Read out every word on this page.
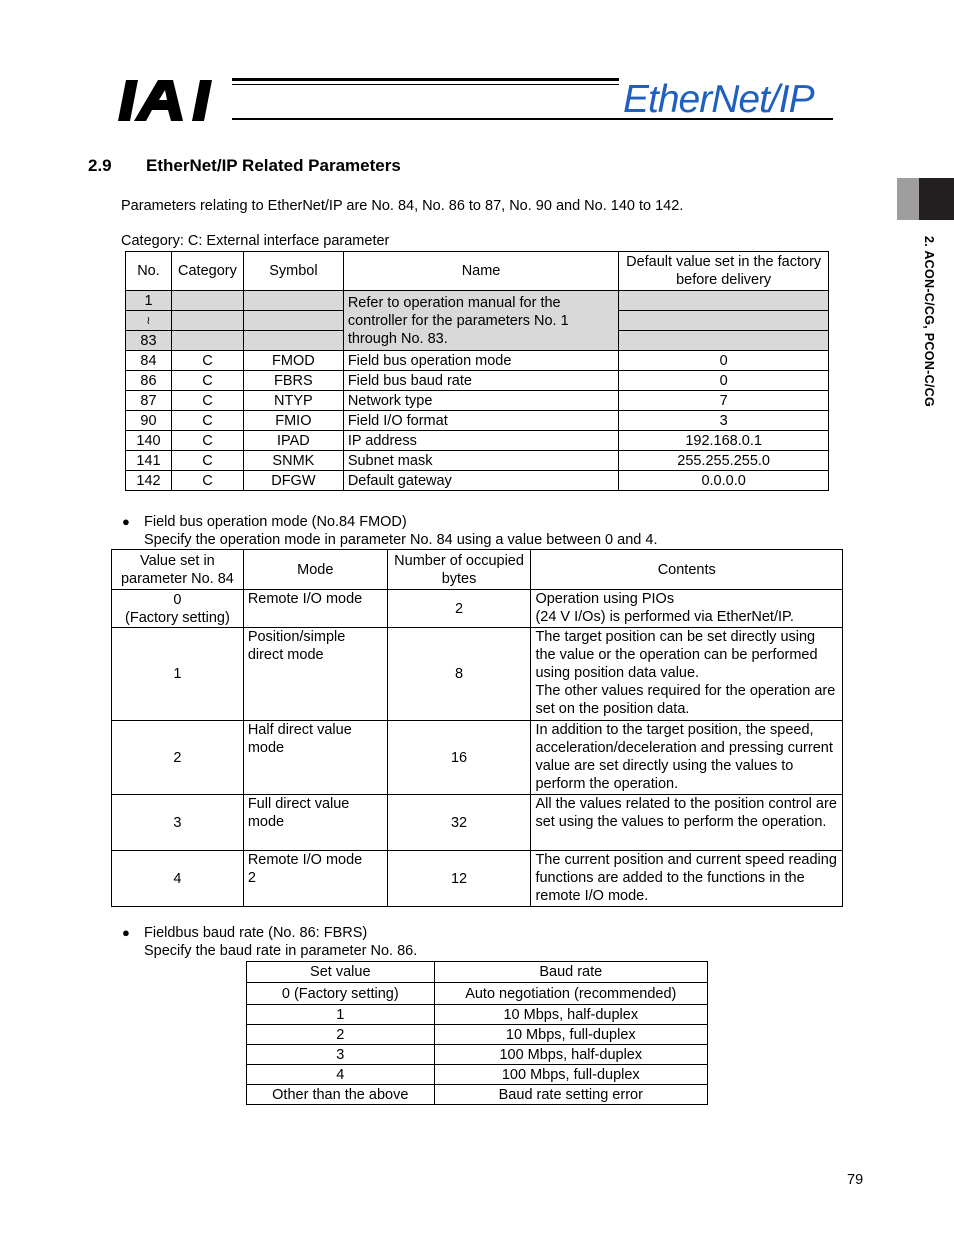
EtherNet/IP
2. ACON-C/CG, PCON-C/CG
2.9 EtherNet/IP Related Parameters
Parameters relating to EtherNet/IP are No. 84, No. 86 to 87, No. 90 and No. 140 to 142.
Category: C: External interface parameter
No.	Category	Symbol	Name	Default value set in the factory before delivery
1			Refer to operation manual for the controller for the parameters No. 1 through No. 83.	
≀				
83				
84	C	FMOD	Field bus operation mode	0
86	C	FBRS	Field bus baud rate	0
87	C	NTYP	Network type	7
90	C	FMIO	Field I/O format	3
140	C	IPAD	IP address	192.168.0.1
141	C	SNMK	Subnet mask	255.255.255.0
142	C	DFGW	Default gateway	0.0.0.0
● Field bus operation mode (No.84 FMOD)
Specify the operation mode in parameter No. 84 using a value between 0 and 4.
Value set in parameter No. 84	Mode	Number of occupied bytes	Contents
0
(Factory setting)	Remote I/O mode	2	Operation using PIOs
(24 V I/Os) is performed via EtherNet/IP.
1	Position/simple
direct mode	8	The target position can be set directly using the value or the operation can be performed using position data value.
The other values required for the operation are set on the position data.
2	Half direct value
mode	16	In addition to the target position, the speed, acceleration/deceleration and pressing current value are set directly using the values to perform the operation.
3	Full direct value
mode	32	All the values related to the position control are set using the values to perform the operation.
4	Remote I/O mode
2	12	The current position and current speed reading functions are added to the functions in the remote I/O mode.
● Fieldbus baud rate (No. 86: FBRS)
Specify the baud rate in parameter No. 86.
Set value	Baud rate
0 (Factory setting)	Auto negotiation (recommended)
1	10 Mbps, half-duplex
2	10 Mbps, full-duplex
3	100 Mbps, half-duplex
4	100 Mbps, full-duplex
Other than the above	Baud rate setting error
79
